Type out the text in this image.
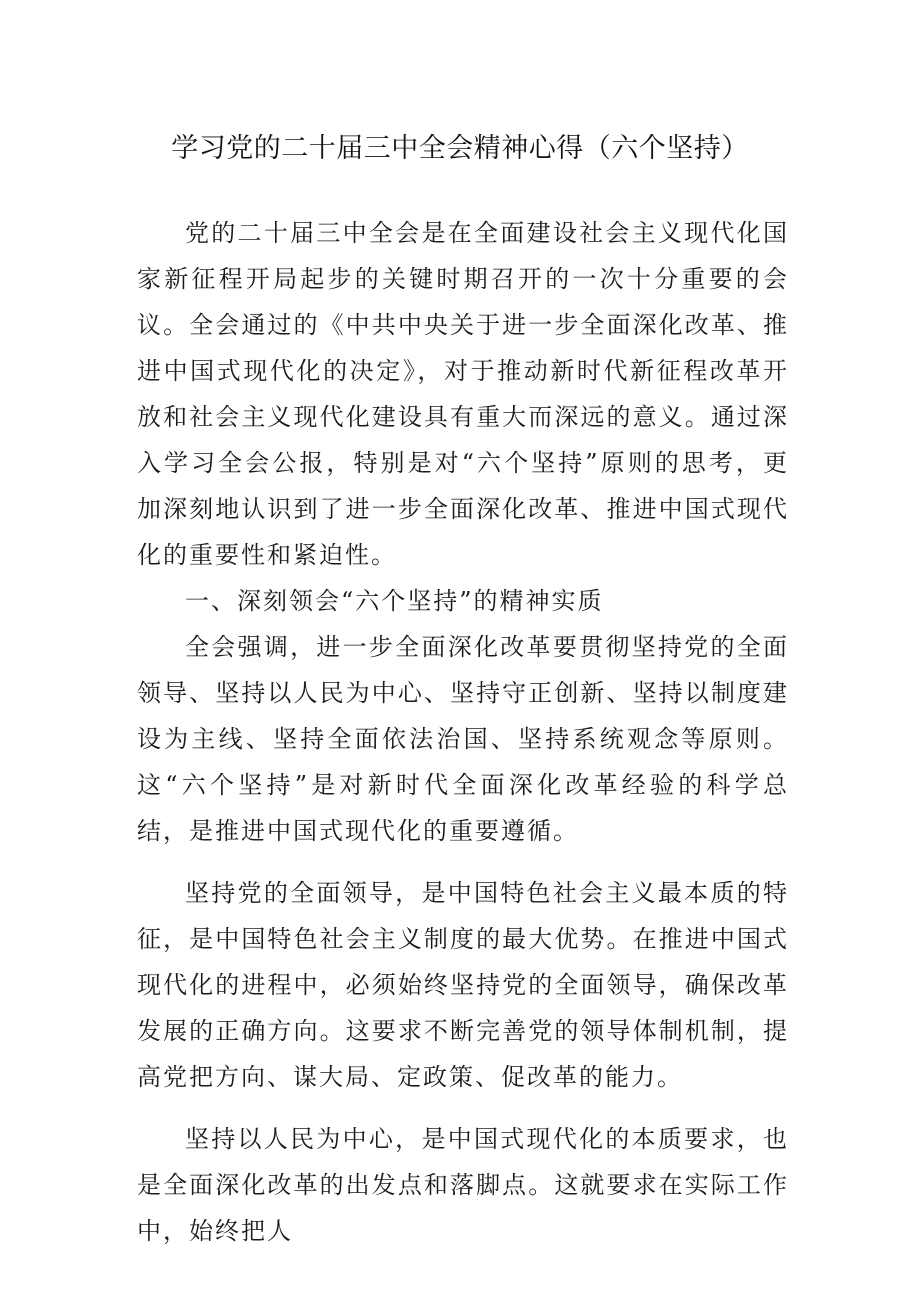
学习党的二十届三中全会精神心得（六个坚持）

党的二十届三中全会是在全面建设社会主义现代化国家新征程开局起步的关键时期召开的一次十分重要的会议。全会通过的《中共中央关于进一步全面深化改革、推进中国式现代化的决定》，对于推动新时代新征程改革开放和社会主义现代化建设具有重大而深远的意义。通过深入学习全会公报，特别是对“六个坚持”原则的思考，更加深刻地认识到了进一步全面深化改革、推进中国式现代化的重要性和紧迫性。

一、深刻领会“六个坚持”的精神实质

全会强调，进一步全面深化改革要贯彻坚持党的全面领导、坚持以人民为中心、坚持守正创新、坚持以制度建设为主线、坚持全面依法治国、坚持系统观念等原则。这“六个坚持”是对新时代全面深化改革经验的科学总结，是推进中国式现代化的重要遵循。

坚持党的全面领导，是中国特色社会主义最本质的特征，是中国特色社会主义制度的最大优势。在推进中国式现代化的进程中，必须始终坚持党的全面领导，确保改革发展的正确方向。这要求不断完善党的领导体制机制，提高党把方向、谋大局、定政策、促改革的能力。

坚持以人民为中心，是中国式现代化的本质要求，也是全面深化改革的出发点和落脚点。这就要求在实际工作中，始终把人
